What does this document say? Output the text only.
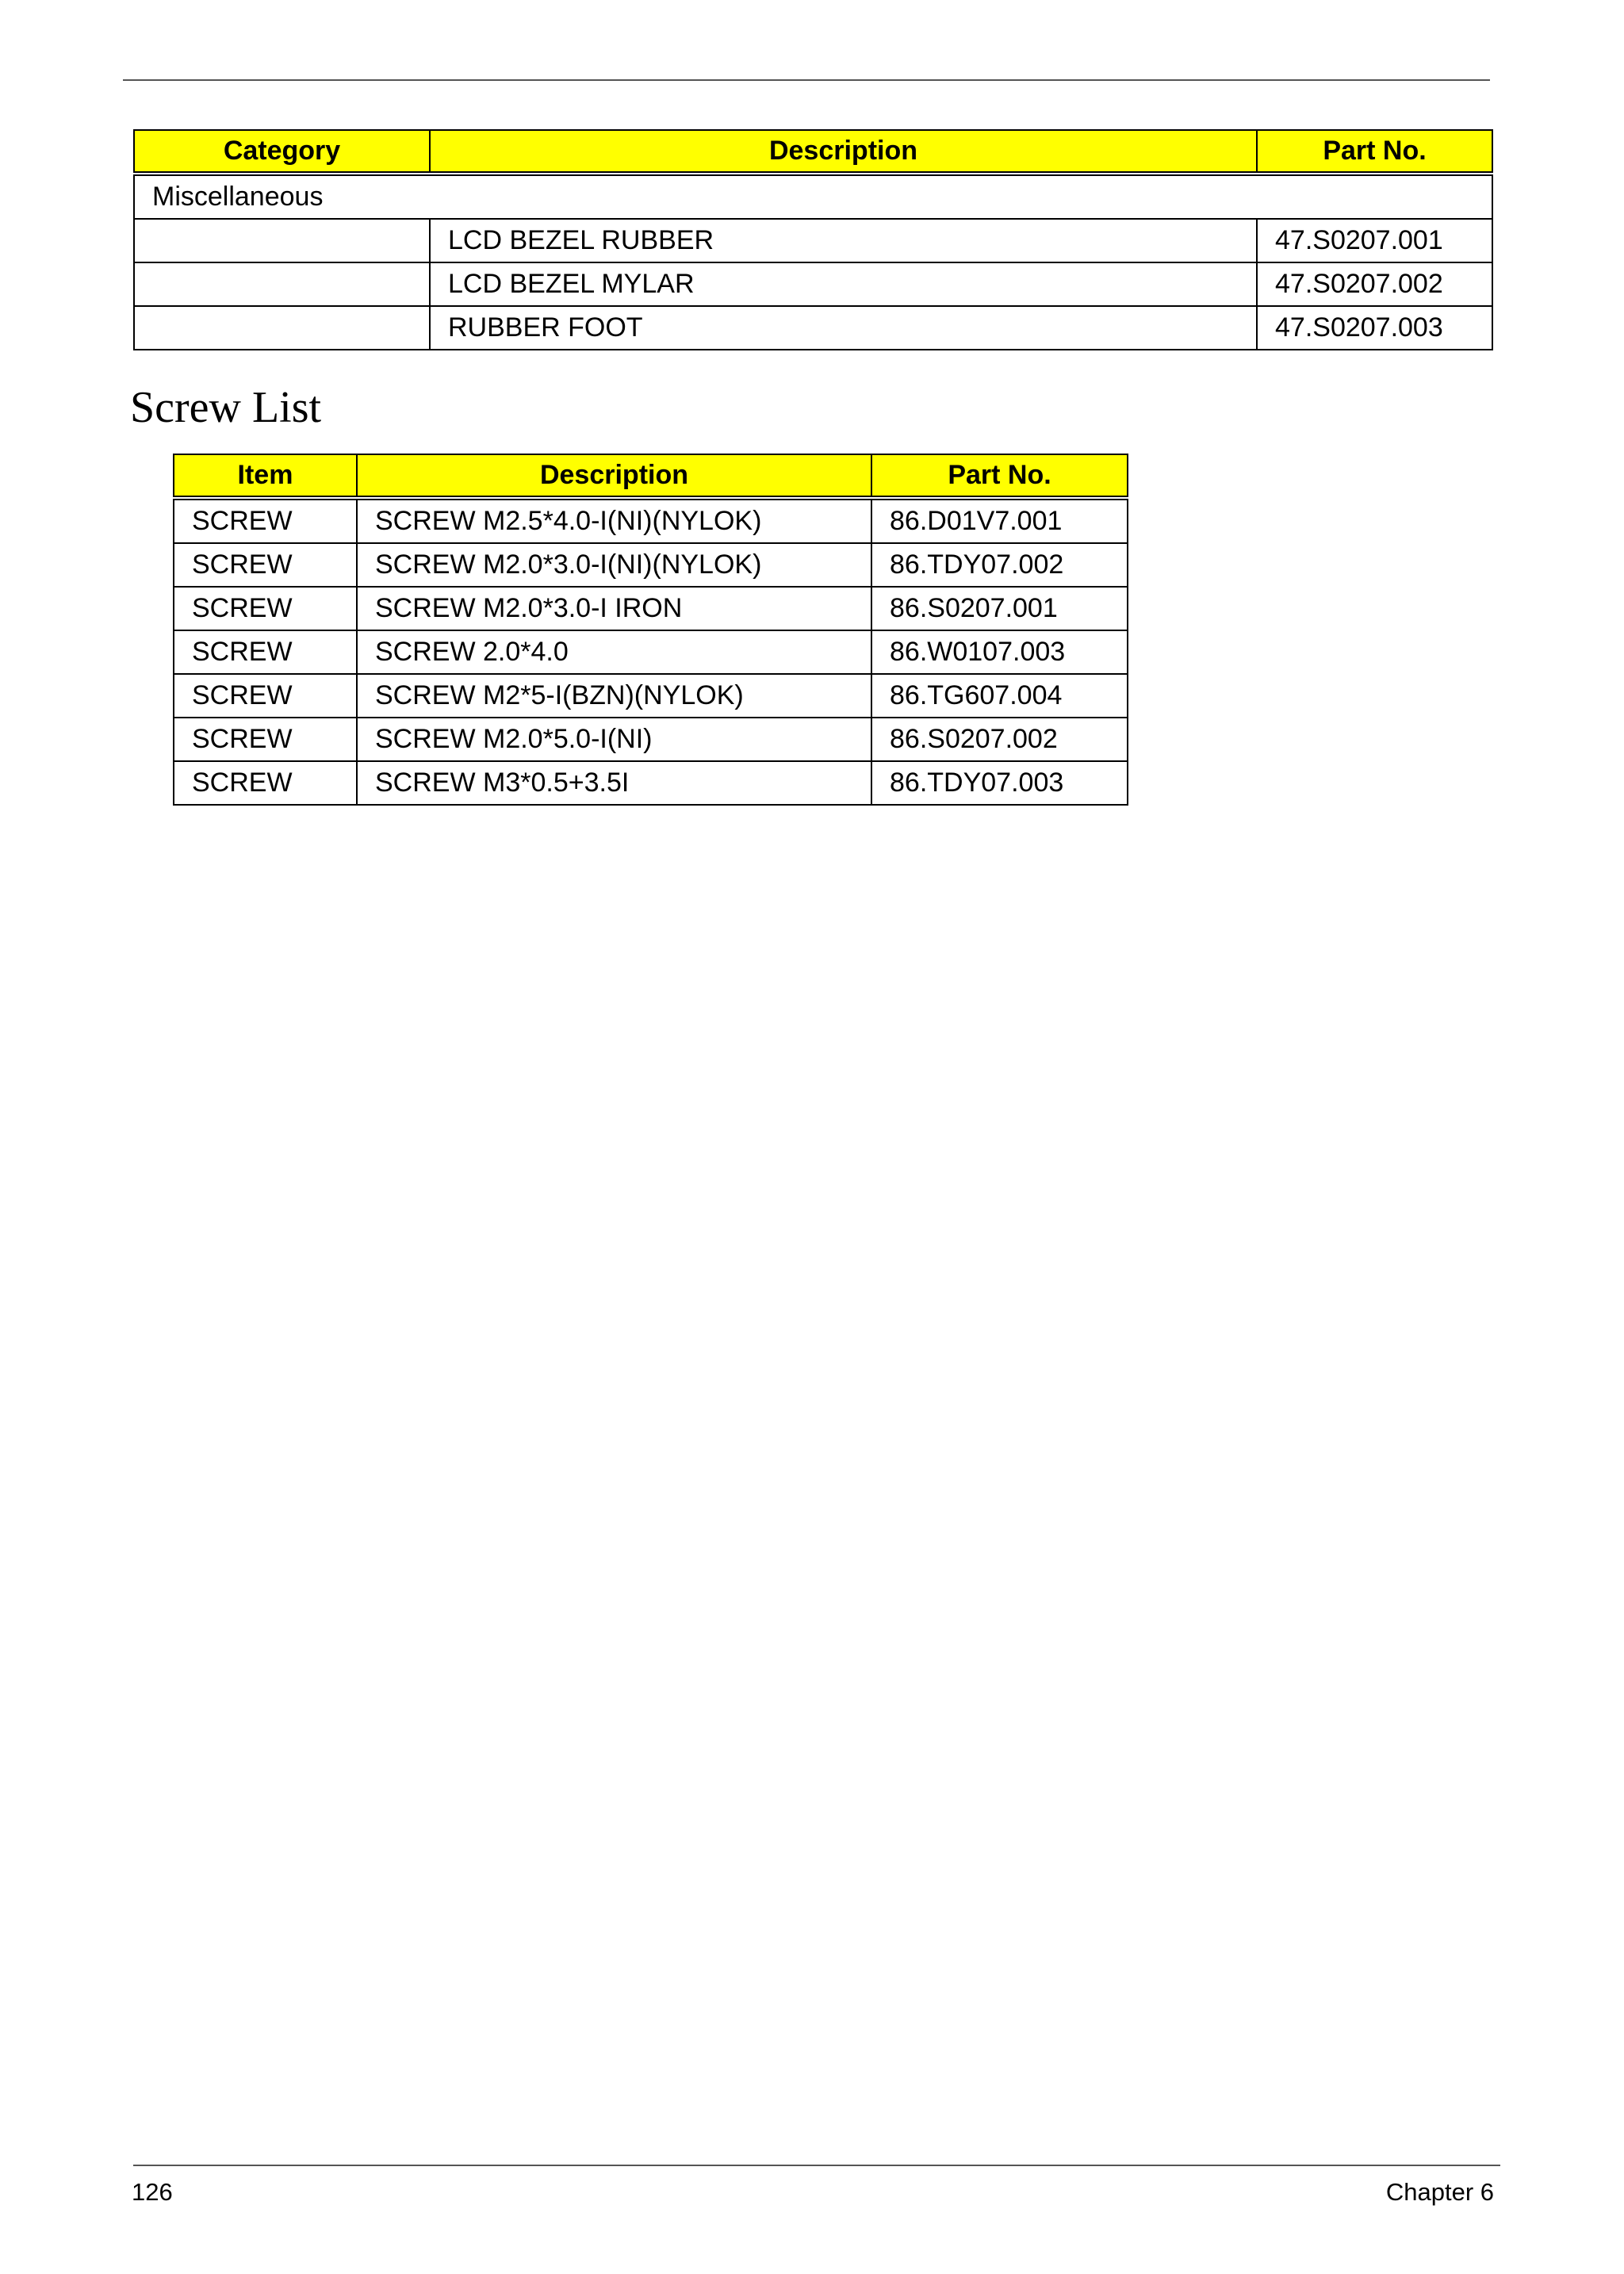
Category	Description	Part No.
Miscellaneous		
	LCD BEZEL RUBBER	47.S0207.001
	LCD BEZEL MYLAR	47.S0207.002
	RUBBER FOOT	47.S0207.003
Screw List
Item	Description	Part No.
SCREW	SCREW M2.5*4.0-I(NI)(NYLOK)	86.D01V7.001
SCREW	SCREW M2.0*3.0-I(NI)(NYLOK)	86.TDY07.002
SCREW	SCREW M2.0*3.0-I IRON	86.S0207.001
SCREW	SCREW 2.0*4.0	86.W0107.003
SCREW	SCREW M2*5-I(BZN)(NYLOK)	86.TG607.004
SCREW	SCREW M2.0*5.0-I(NI)	86.S0207.002
SCREW	SCREW M3*0.5+3.5I	86.TDY07.003
126	Chapter 6
